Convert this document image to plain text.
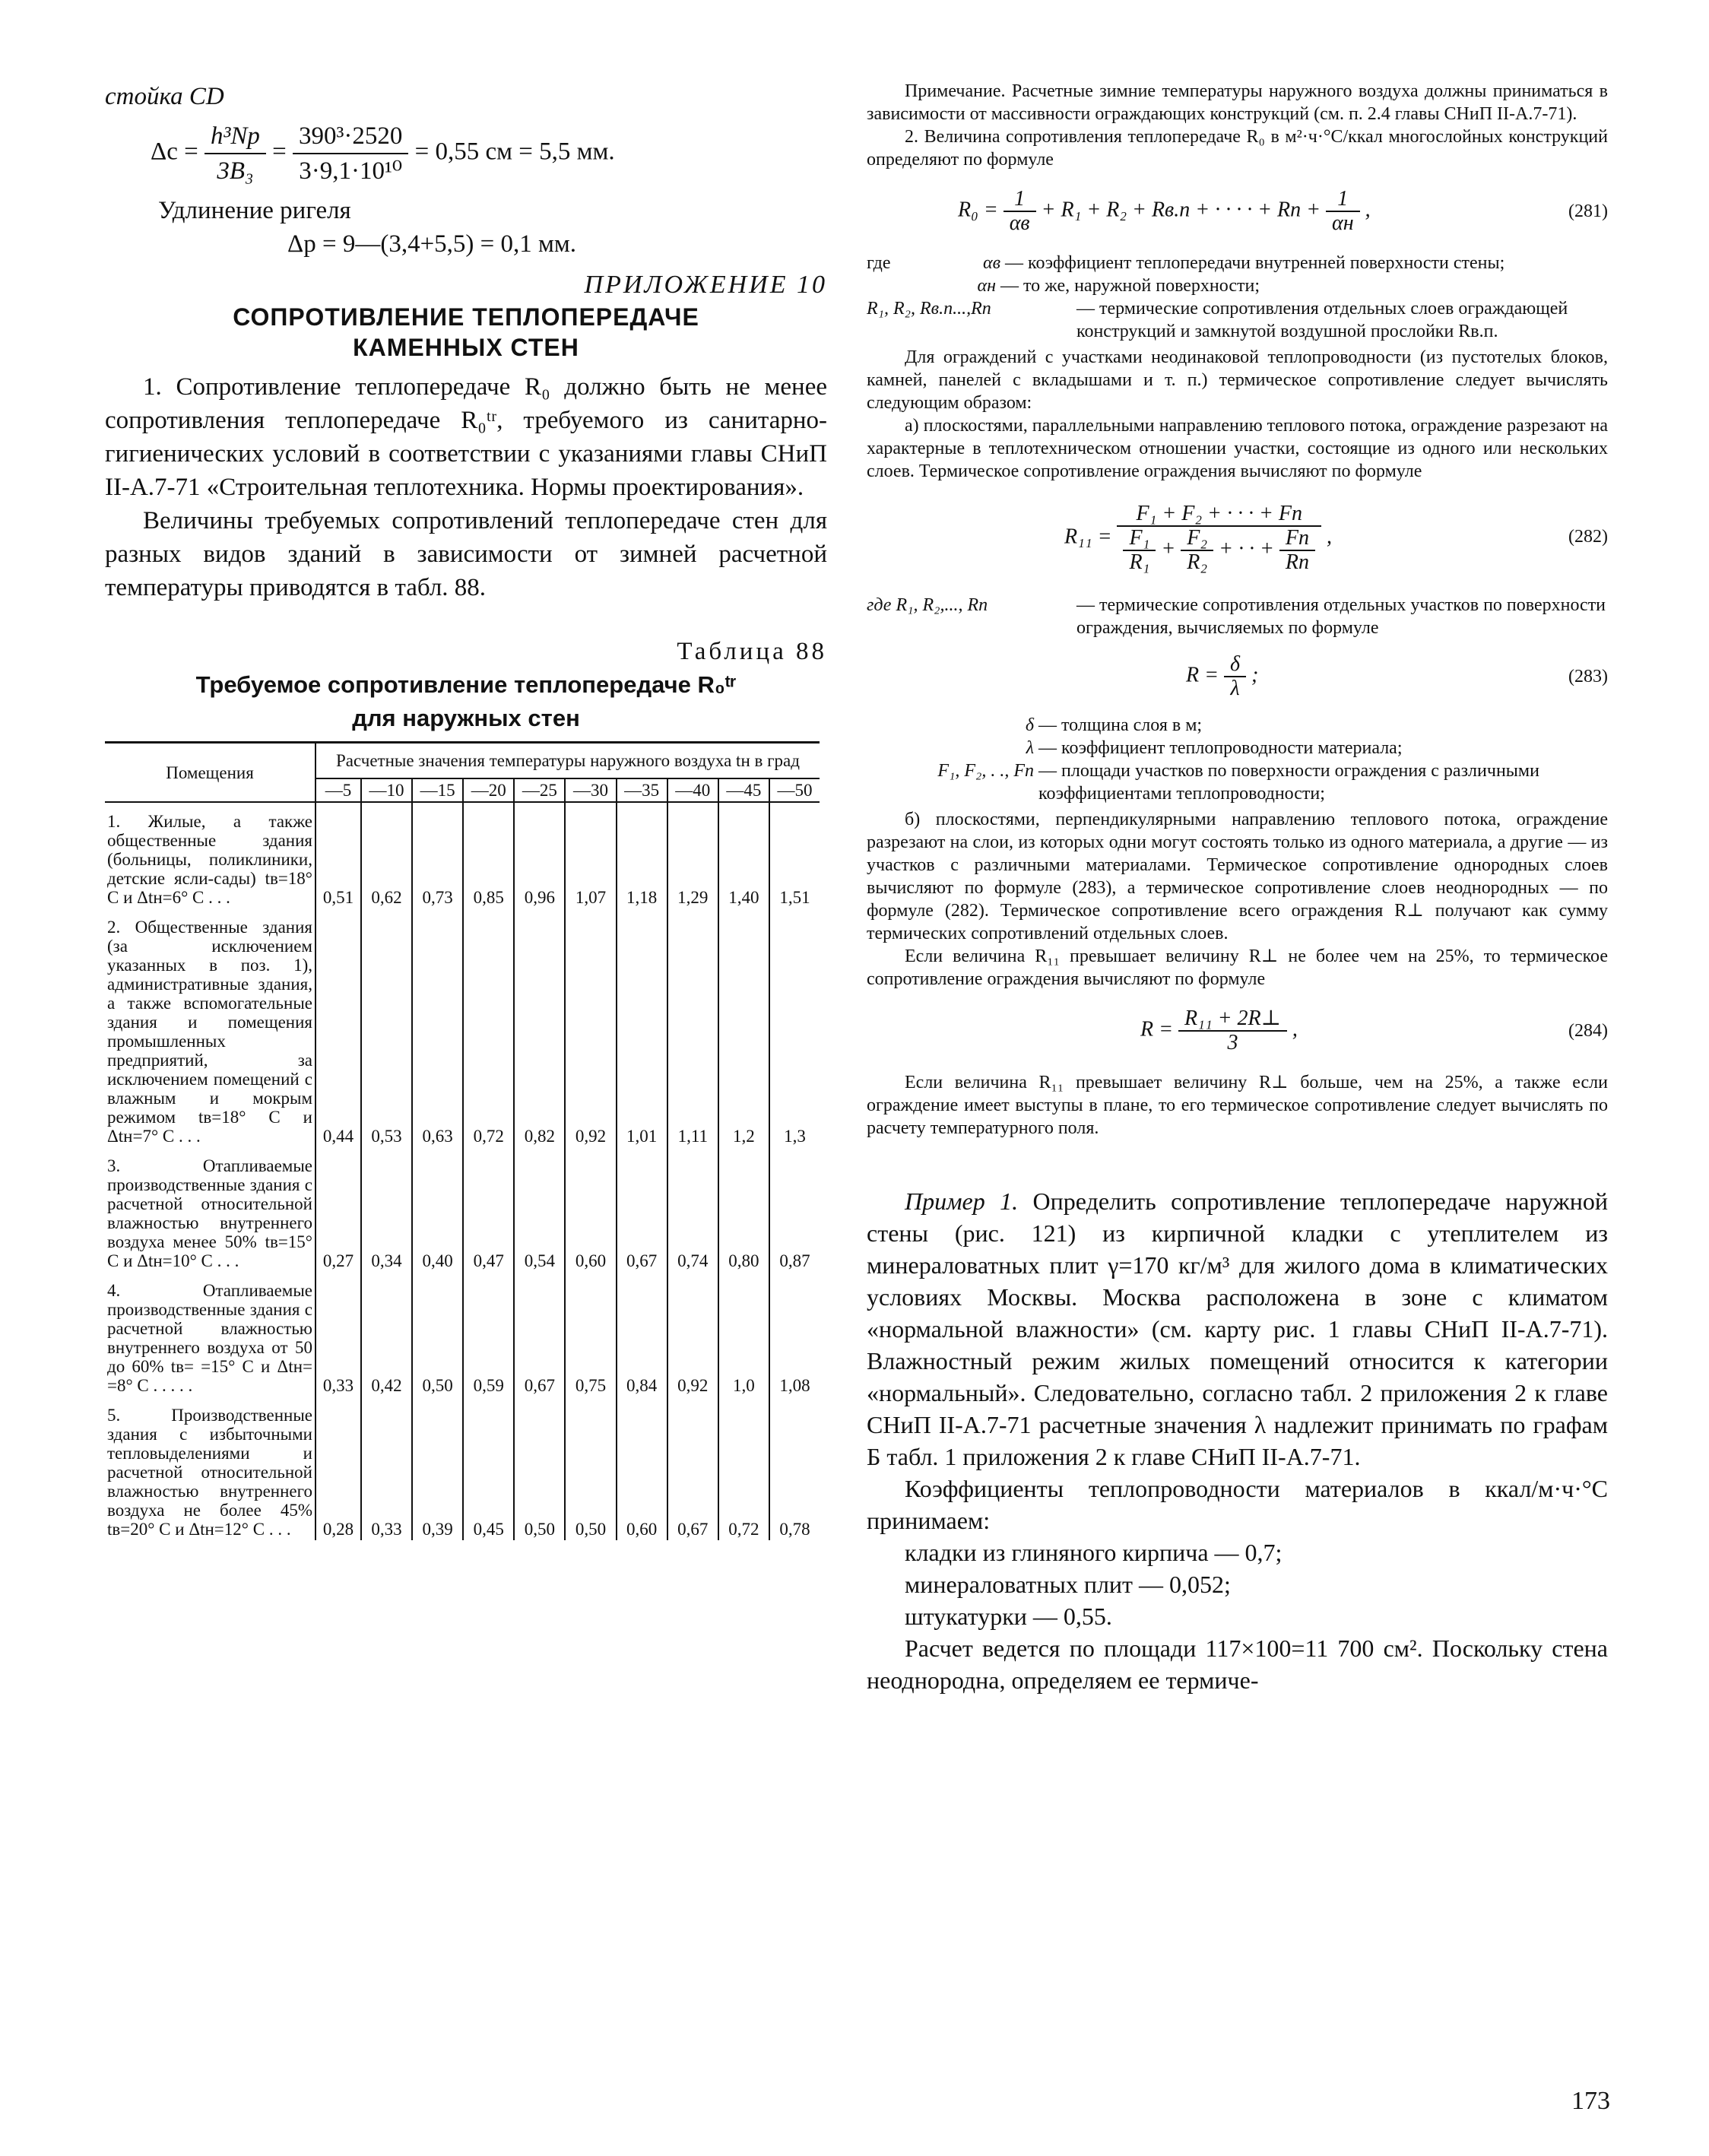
стойка CD

$\Delta c = \frac{\text{h³Np}}{\text{3B₃}} = \frac{\text{390³·2520}}{\text{3·9,1·10¹⁰}} = 0,55$ см = 5,5 мм.

Удлинение ригеля

Δp = 9—(3,4+5,5) = 0,1 мм.

ПРИЛОЖЕНИЕ 10

СОПРОТИВЛЕНИЕ ТЕПЛОПЕРЕДАЧЕ

КАМЕННЫХ СТЕН

1. Сопротивление теплопередаче R₀ должно быть не менее сопротивления теплопередаче R₀ᵗʳ, требуемого из санитарно-гигиенических условий в соответствии с указаниями главы СНиП II-А.7-71 «Строительная теплотехника. Нормы проектирования».

Величины требуемых сопротивлений теплопередаче стен для разных видов зданий в зависимости от зимней расчетной температуры приводятся в табл. 88.

Таблица 88

Требуемое сопротивление теплопередаче R₀ᵗʳ

для наружных стен

Помещения	Расчетные значения температуры наружного воздуха tн в град									
	—5	—10	—15	—20	—25	—30	—35	—40	—45	—50
1. Жилые, а также общественные здания (больницы, поликлиники, детские ясли-сады) tв=18° С и Δtн=6° С . . .	0,51	0,62	0,73	0,85	0,96	1,07	1,18	1,29	1,40	1,51
2. Общественные здания (за исключением указанных в поз. 1), административные здания, а также вспомогательные здания и помещения промышленных предприятий, за исключением помещений с влажным и мокрым режимом tв=18° С и Δtн=7° С . . .	0,44	0,53	0,63	0,72	0,82	0,92	1,01	1,11	1,2	1,3
3. Отапливаемые производственные здания с расчетной относительной влажностью внутреннего воздуха менее 50% tв=15° С и Δtн=10° С . . .	0,27	0,34	0,40	0,47	0,54	0,60	0,67	0,74	0,80	0,87
4. Отапливаемые производственные здания с расчетной влажностью внутреннего воздуха от 50 до 60% tв= =15° С и Δtн= =8° С . . . . .	0,33	0,42	0,50	0,59	0,67	0,75	0,84	0,92	1,0	1,08
5. Производственные здания с избыточными тепловыделениями и расчетной относительной влажностью внутреннего воздуха не более 45% tв=20° С и Δtн=12° С . . .	0,28	0,33	0,39	0,45	0,50	0,50	0,60	0,67	0,72	0,78

Примечание. Расчетные зимние температуры наружного воздуха должны приниматься в зависимости от массивности ограждающих конструкций (см. п. 2.4 главы СНиП II-А.7-71).

2. Величина сопротивления теплопередаче R₀ в м²·ч·°С/ккал многослойных конструкций определяют по формуле

(281)
$R_0 = \frac{1}{\alpha в} + R_1 + R_2 + Rв.п$ + · · · · + $Rn + \frac{1}{\alpha н}$ ,
где	αв — коэффициент теплопередачи внутренней поверхности стены;
αн — то же, наружной поверхности;
R₁, R₂, Rв.п...,Rn	— термические сопротивления отдельных слоев ограждающей конструкций и замкнутой воздушной прослойки Rв.п.

Для ограждений с участками неодинаковой теплопроводности (из пустотелых блоков, камней, панелей с вкладышами и т. п.) термическое сопротивление следует вычислять следующим образом:

а) плоскостями, параллельными направлению теплового потока, ограждение разрезают на характерные в теплотехническом отношении участки, состоящие из одного или нескольких слоев. Термическое сопротивление ограждения вычисляют по формуле

(282)
$R_{11} = \frac{\text{F₁ + F₂ + · · · + Fn}}{\frac{\text{F₁}}{\text{R₁}} + \frac{\text{F₂}}{\text{R₂}} + \cdot \cdot + \frac{Fn}{Rn}}$ ,
где R₁, R₂,..., Rn	— термические сопротивления отдельных участков по поверхности ограждения, вычисляемых по формуле
(283)
$R = \frac{\delta}{\lambda}$ ;
δ — толщина слоя в м;
λ — коэффициент теплопроводности материала;
F₁, F₂, . ., Fn — площади участков по поверхности ограждения с различными коэффициентами теплопроводности;

б) плоскостями, перпендикулярными направлению теплового потока, ограждение разрезают на слои, из которых одни могут состоять только из одного материала, а другие — из участков с различными материалами. Термическое сопротивление однородных слоев вычисляют по формуле (283), а термическое сопротивление слоев неоднородных — по формуле (282). Термическое сопротивление всего ограждения R⊥ получают как сумму термических сопротивлений отдельных слоев.

Если величина R₁₁ превышает величину R⊥ не более чем на 25%, то термическое сопротивление ограждения вычисляют по формуле

(284)
$R = \frac{\text{R₁₁ + 2R⊥}}{3}$ ,

Если величина R₁₁ превышает величину R⊥ больше, чем на 25%, а также если ограждение имеет выступы в плане, то его термическое сопротивление следует вычислять по расчету температурного поля.

Пример 1. Определить сопротивление теплопередаче наружной стены (рис. 121) из кирпичной кладки с утеплителем из минераловатных плит γ=170 кг/м³ для жилого дома в климатических условиях Москвы. Москва расположена в зоне с климатом «нормальной влажности» (см. карту рис. 1 главы СНиП II-А.7-71). Влажностный режим жилых помещений относится к категории «нормальный». Следовательно, согласно табл. 2 приложения 2 к главе СНиП II-А.7-71 расчетные значения λ надлежит принимать по графам Б табл. 1 приложения 2 к главе СНиП II-А.7-71.

Коэффициенты теплопроводности материалов в ккал/м·ч·°С принимаем:

кладки из глиняного кирпича — 0,7;

минераловатных плит — 0,052;

штукатурки — 0,55.

Расчет ведется по площади 117×100=11 700 см². Поскольку стена неоднородна, определяем ее термиче-

173
